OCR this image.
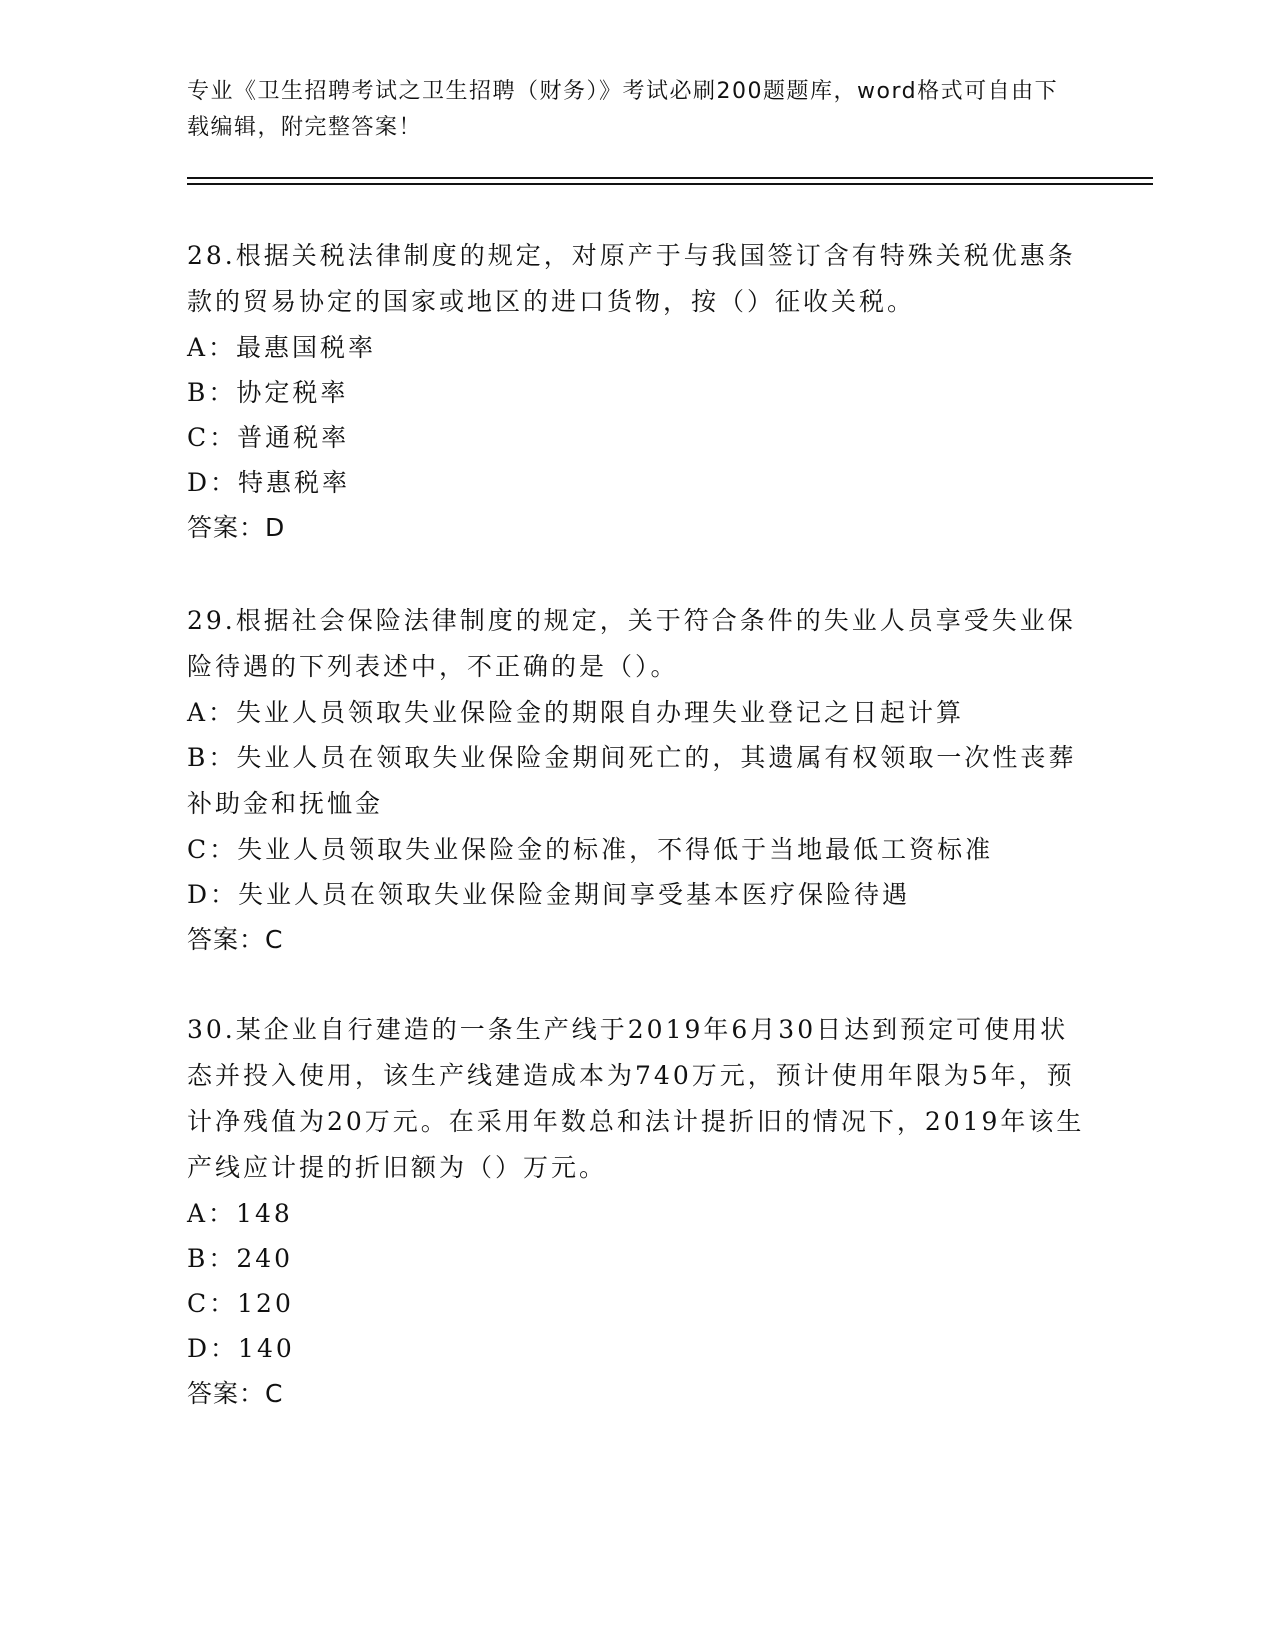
专业《卫生招聘考试之卫生招聘（财务）》考试必刷200题题库，word格式可自由下载编辑，附完整答案！
28.根据关税法律制度的规定，对原产于与我国签订含有特殊关税优惠条款的贸易协定的国家或地区的进口货物，按（）征收关税。
A：最惠国税率
B：协定税率
C：普通税率
D：特惠税率
答案：D
29.根据社会保险法律制度的规定，关于符合条件的失业人员享受失业保险待遇的下列表述中，不正确的是（）。
A：失业人员领取失业保险金的期限自办理失业登记之日起计算
B：失业人员在领取失业保险金期间死亡的，其遗属有权领取一次性丧葬补助金和抚恤金
C：失业人员领取失业保险金的标准，不得低于当地最低工资标准
D：失业人员在领取失业保险金期间享受基本医疗保险待遇
答案：C
30.某企业自行建造的一条生产线于2019年6月30日达到预定可使用状态并投入使用，该生产线建造成本为740万元，预计使用年限为5年，预计净残值为20万元。在采用年数总和法计提折旧的情况下，2019年该生产线应计提的折旧额为（）万元。
A：148
B：240
C：120
D：140
答案：C
